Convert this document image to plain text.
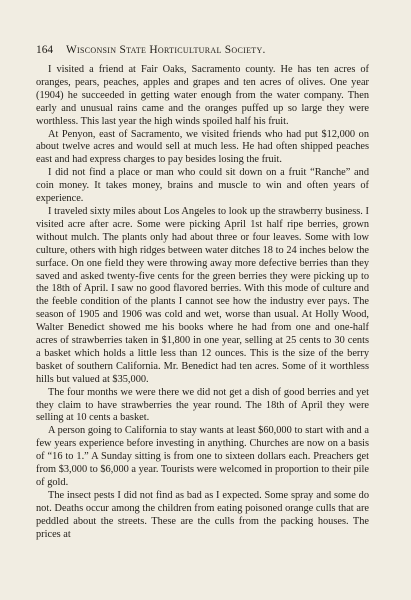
164	Wisconsin State Horticultural Society.

I visited a friend at Fair Oaks, Sacramento county. He has ten acres of oranges, pears, peaches, apples and grapes and ten acres of olives. One year (1904) he succeeded in getting water enough from the water company. Then early and unusual rains came and the oranges puffed up so large they were worthless. This last year the high winds spoiled half his fruit.

At Penyon, east of Sacramento, we visited friends who had put $12,000 on about twelve acres and would sell at much less. He had often shipped peaches east and had express charges to pay besides losing the fruit.

I did not find a place or man who could sit down on a fruit “Ranche” and coin money. It takes money, brains and muscle to win and often years of experience.

I traveled sixty miles about Los Angeles to look up the strawberry business. I visited acre after acre. Some were picking April 1st half ripe berries, grown without mulch. The plants only had about three or four leaves. Some with low culture, others with high ridges between water ditches 18 to 24 inches below the surface. On one field they were throwing away more defective berries than they saved and asked twenty-five cents for the green berries they were picking up to the 18th of April. I saw no good flavored berries. With this mode of culture and the feeble condition of the plants I cannot see how the industry ever pays. The season of 1905 and 1906 was cold and wet, worse than usual. At Holly Wood, Walter Benedict showed me his books where he had from one and one-half acres of strawberries taken in $1,800 in one year, selling at 25 cents to 30 cents a basket which holds a little less than 12 ounces. This is the size of the berry basket of southern California. Mr. Benedict had ten acres. Some of it worthless hills but valued at $35,000.

The four months we were there we did not get a dish of good berries and yet they claim to have strawberries the year round. The 18th of April they were selling at 10 cents a basket.

A person going to California to stay wants at least $60,000 to start with and a few years experience before investing in anything. Churches are now on a basis of “16 to 1.” A Sunday sitting is from one to sixteen dollars each. Preachers get from $3,000 to $6,000 a year. Tourists were welcomed in proportion to their pile of gold.

The insect pests I did not find as bad as I expected. Some spray and some do not. Deaths occur among the children from eating poisoned orange culls that are peddled about the streets. These are the culls from the packing houses. The prices at
